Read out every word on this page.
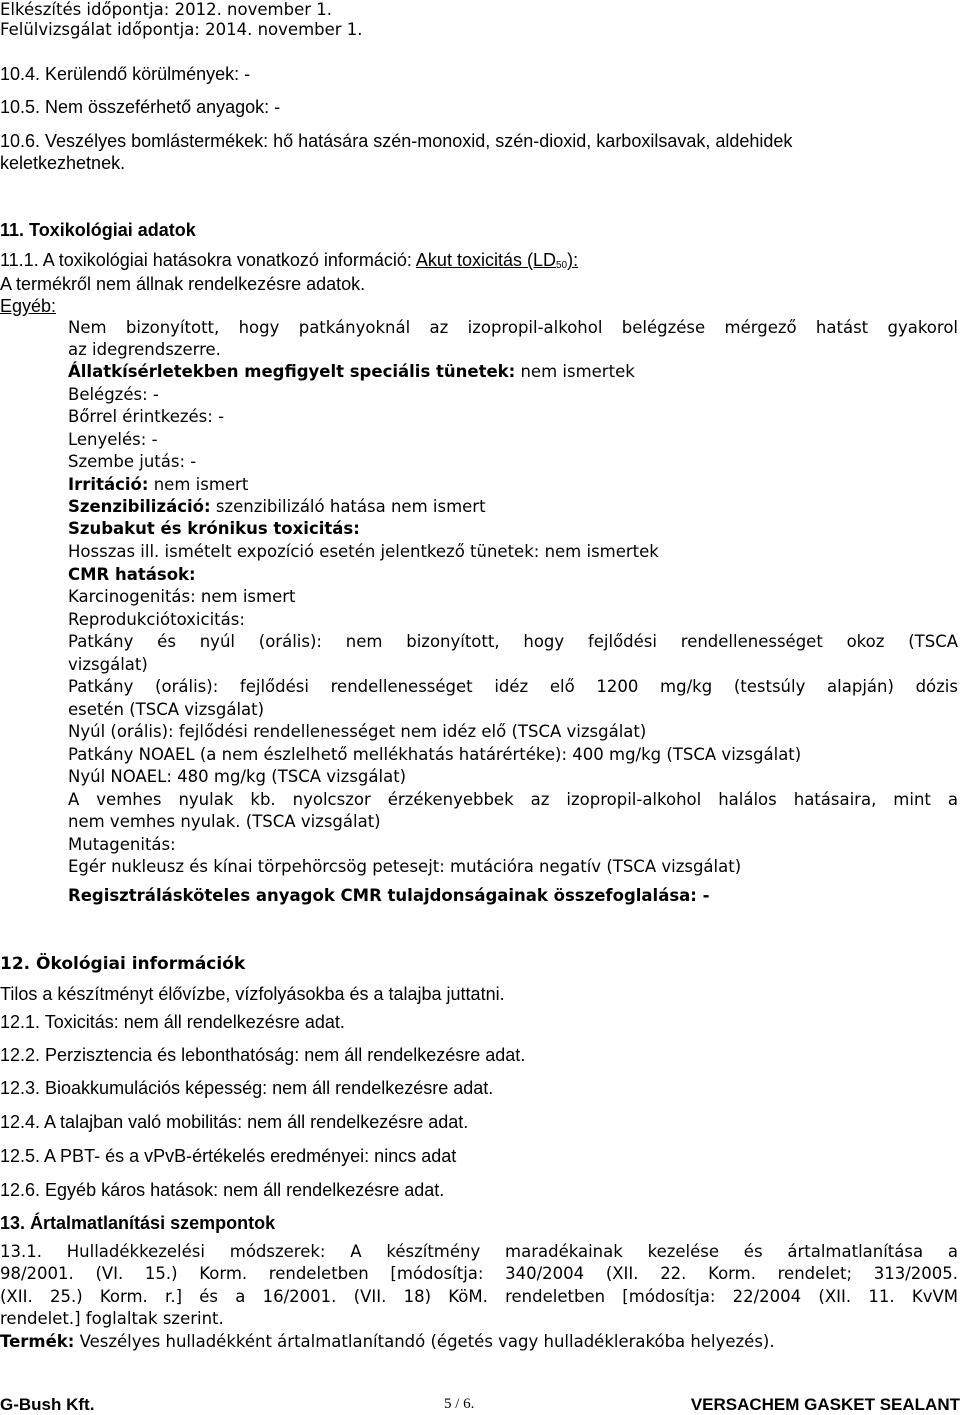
Elkészítés időpontja: 2012. november 1.
Felülvizsgálat időpontja: 2014. november 1.
10.4. Kerülendő körülmények: -
10.5. Nem összeférhető anyagok: -
10.6. Veszélyes bomlástermékek: hő hatására szén-monoxid, szén-dioxid, karboxilsavak, aldehidek
keletkezhetnek.
11. Toxikológiai adatok
11.1. A toxikológiai hatásokra vonatkozó információ: Akut toxicitás $(LD_{50})$:
A termékről nem állnak rendelkezésre adatok.
Egyéb:
Nem bizonyított, hogy patkányoknál az izopropil-alkohol belégzése mérgező hatást gyakorol
az idegrendszerre.
Állatkísérletekben megfigyelt speciális tünetek: nem ismertek
Belégzés: -
Bőrrel érintkezés: -
Lenyelés: -
Szembe jutás: -
Irritáció: nem ismert
Szenzibilizáció: szenzibilizáló hatása nem ismert
Szubakut és krónikus toxicitás:
Hosszas ill. ismételt expozíció esetén jelentkező tünetek: nem ismertek
CMR hatások:
Karcinogenitás: nem ismert
Reprodukciótoxicitás:
Patkány és nyúl (orális): nem bizonyított, hogy fejlődési rendellenességet okoz (TSCA
vizsgálat)
Patkány (orális): fejlődési rendellenességet idéz elő 1200 mg/kg (testsúly alapján) dózis
esetén (TSCA vizsgálat)
Nyúl (orális): fejlődési rendellenességet nem idéz elő (TSCA vizsgálat)
Patkány NOAEL (a nem észlelhető mellékhatás határértéke): 400 mg/kg (TSCA vizsgálat)
Nyúl NOAEL: 480 mg/kg (TSCA vizsgálat)
A vemhes nyulak kb. nyolcszor érzékenyebbek az izopropil-alkohol halálos hatásaira, mint a
nem vemhes nyulak. (TSCA vizsgálat)
Mutagenitás:
Egér nukleusz és kínai törpehörcsög petesejt: mutációra negatív (TSCA vizsgálat)
Regisztrálásköteles anyagok CMR tulajdonságainak összefoglalása: -
12. Ökológiai információk
Tilos a készítményt élővízbe, vízfolyásokba és a talajba juttatni.
12.1. Toxicitás: nem áll rendelkezésre adat.
12.2. Perzisztencia és lebonthatóság: nem áll rendelkezésre adat.
12.3. Bioakkumulációs képesség: nem áll rendelkezésre adat.
12.4. A talajban való mobilitás: nem áll rendelkezésre adat.
12.5. A PBT- és a vPvB-értékelés eredményei: nincs adat
12.6. Egyéb káros hatások: nem áll rendelkezésre adat.
13. Ártalmatlanítási szempontok
13.1. Hulladékkezelési módszerek: A készítmény maradékainak kezelése és ártalmatlanítása a
98/2001. (VI. 15.) Korm. rendeletben [módosítja: 340/2004 (XII. 22. Korm. rendelet; 313/2005.
(XII. 25.) Korm. r.] és a 16/2001. (VII. 18) KöM. rendeletben [módosítja: 22/2004 (XII. 11. KvVM
rendelet.] foglaltak szerint.
Termék: Veszélyes hulladékként ártalmatlanítandó (égetés vagy hulladéklerakóba helyezés).
G-Bush Kft.	5 / 6.	VERSACHEM GASKET SEALANT
